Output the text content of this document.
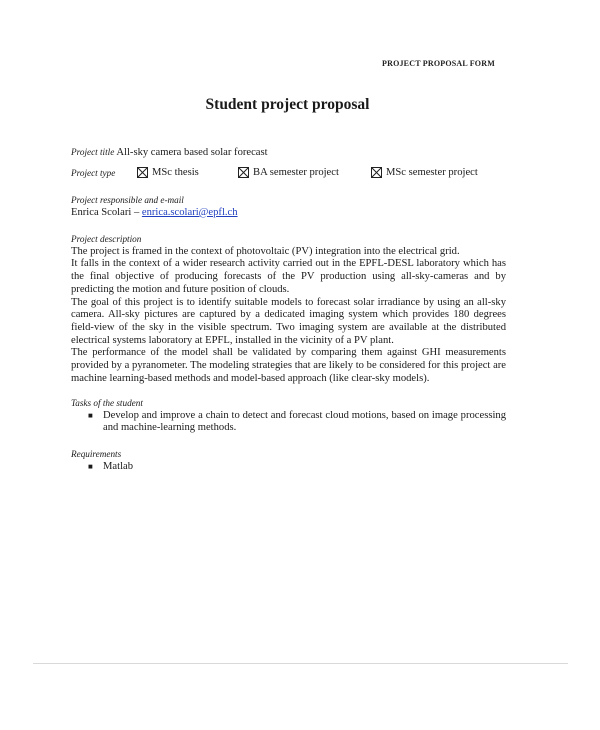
PROJECT PROPOSAL FORM
Student project proposal
Project title All-sky camera based solar forecast
Project type	MSc thesis	BA semester project	MSc semester project
Project responsible and e-mail
Enrica Scolari – enrica.scolari@epfl.ch
Project description

The project is framed in the context of photovoltaic (PV) integration into the electrical grid.

It falls in the context of a wider research activity carried out in the EPFL-DESL laboratory which has the final objective of producing forecasts of the PV production using all-sky-cameras and by predicting the motion and future position of clouds.

The goal of this project is to identify suitable models to forecast solar irradiance by using an all-sky camera. All-sky pictures are captured by a dedicated imaging system which provides 180 degrees field-view of the sky in the visible spectrum. Two imaging system are available at the distributed electrical systems laboratory at EPFL, installed in the vicinity of a PV plant.

The performance of the model shall be validated by comparing them against GHI measurements provided by a pyranometer. The modeling strategies that are likely to be considered for this project are machine learning-based methods and model-based approach (like clear-sky models).

Tasks of the student
■ Develop and improve a chain to detect and forecast cloud motions, based on image processing and machine-learning methods.
Requirements
■ Matlab
